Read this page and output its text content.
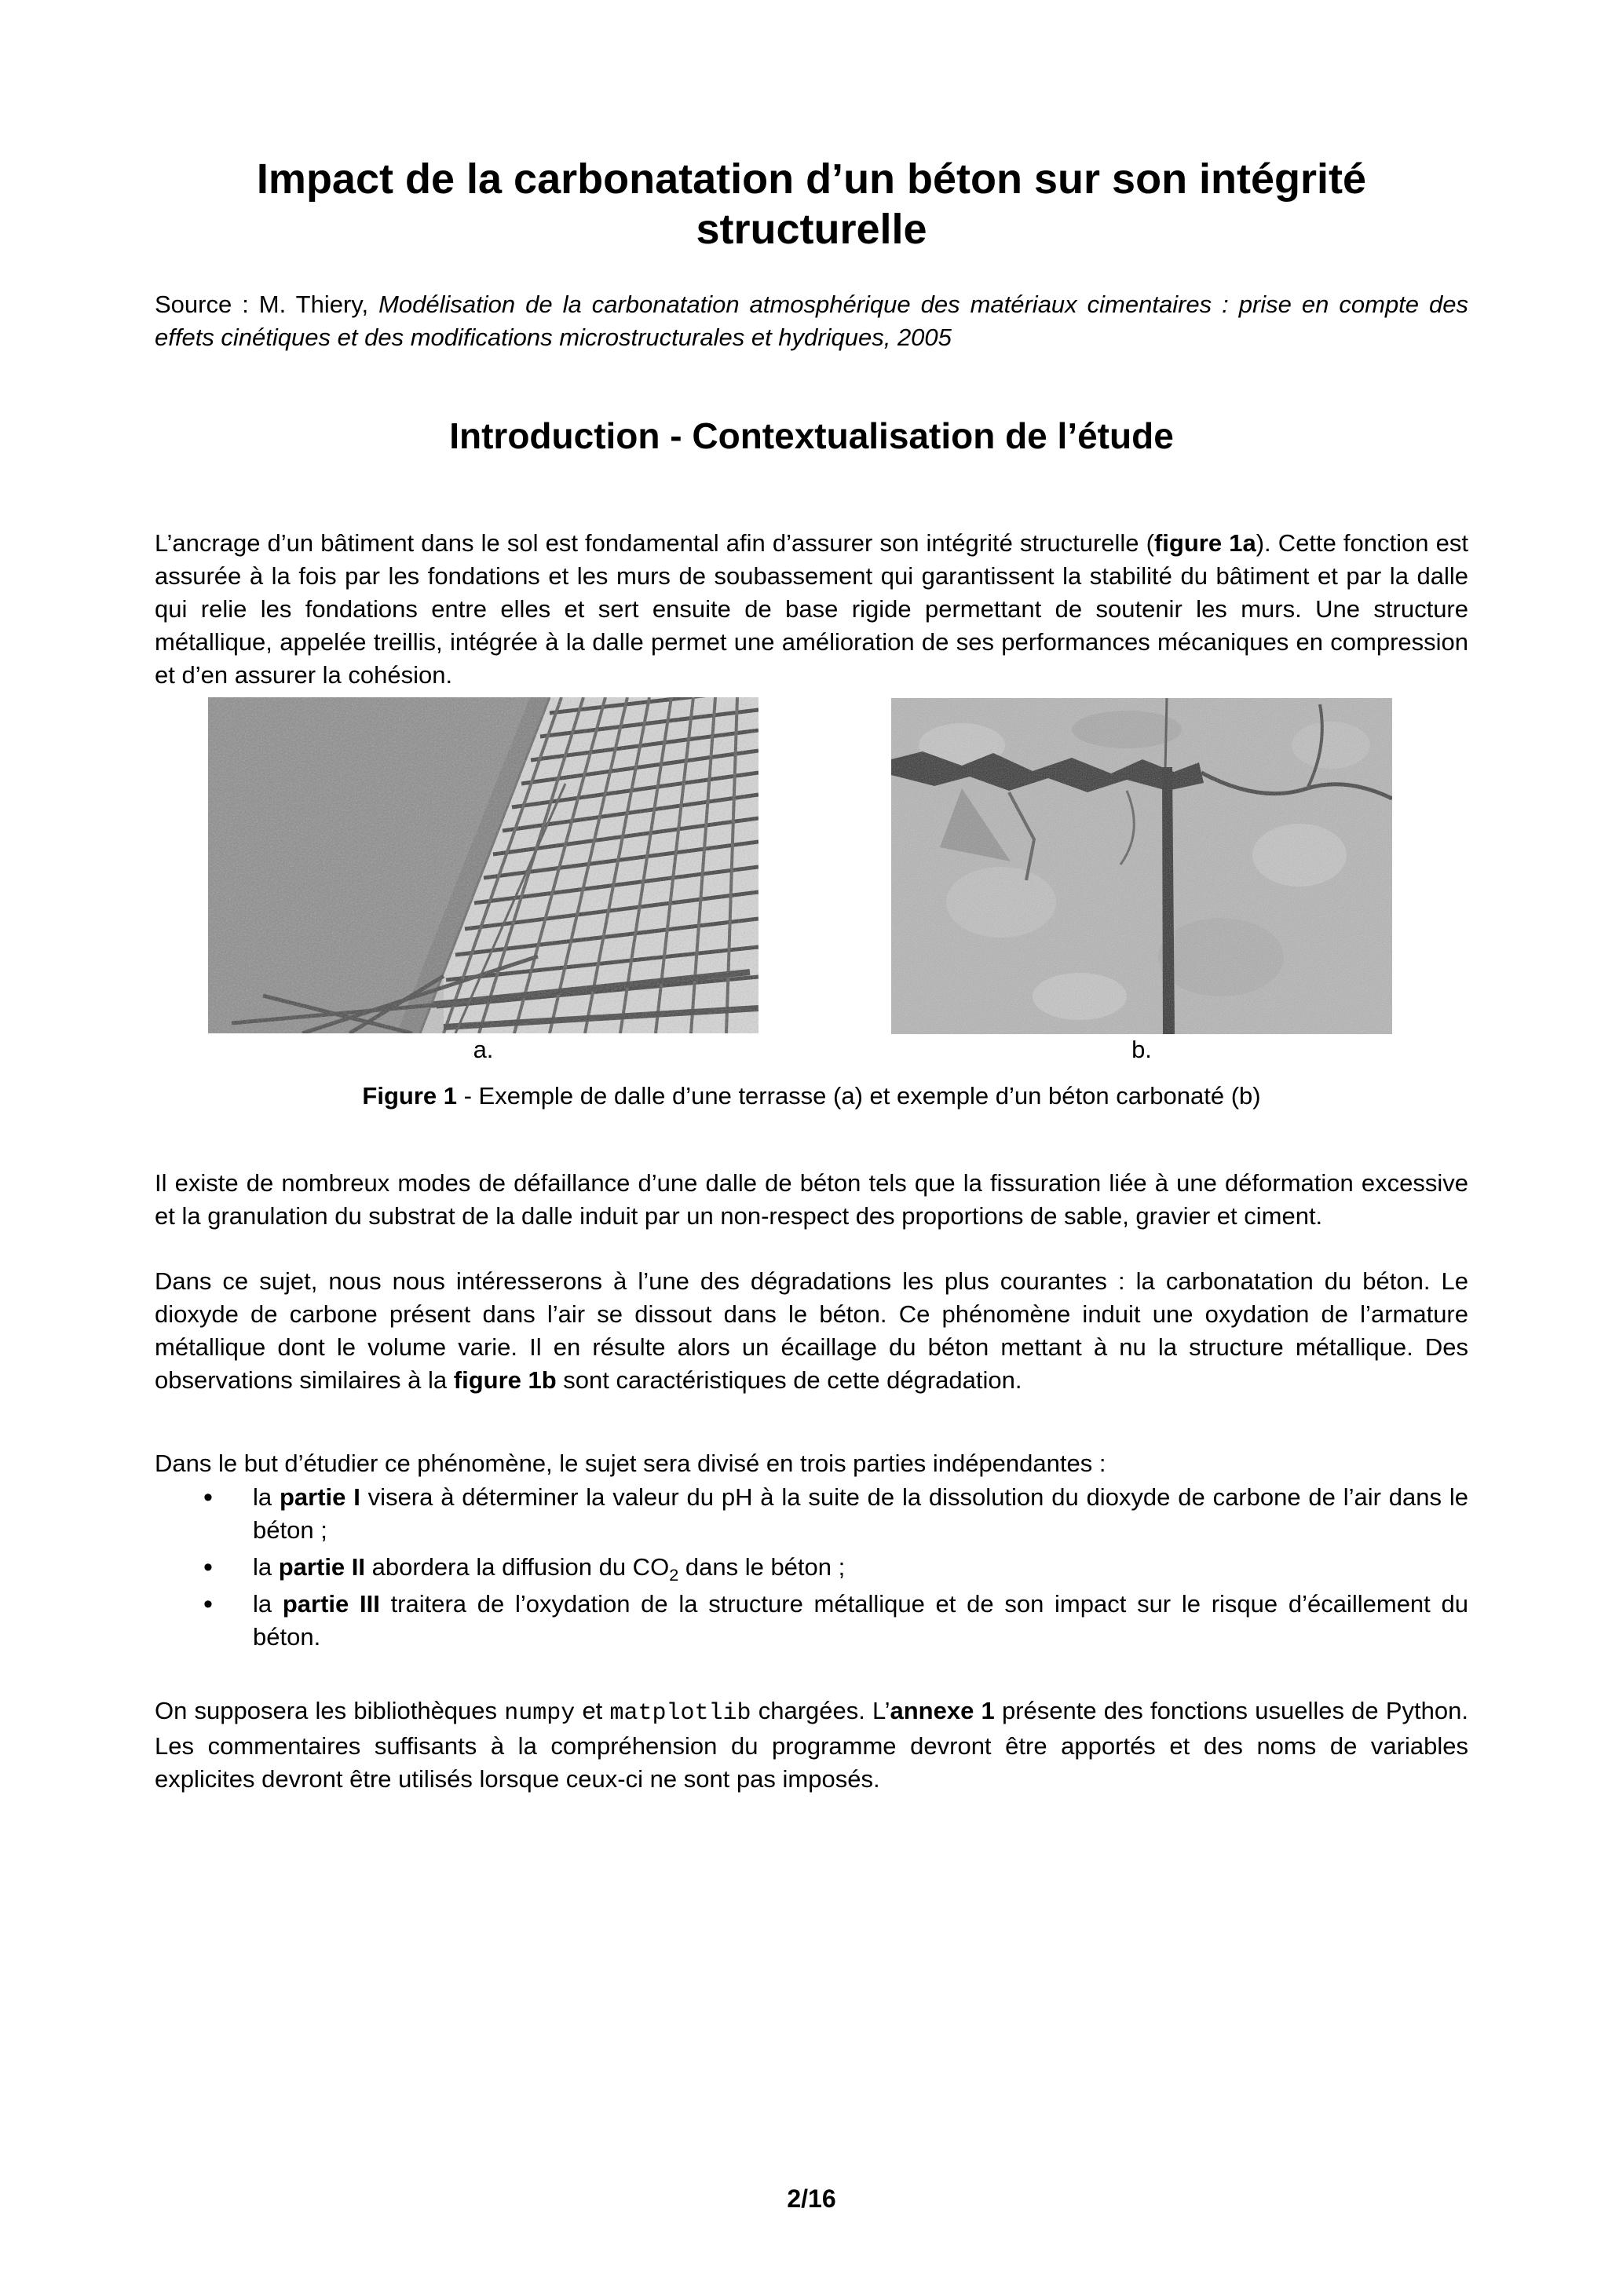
Impact de la carbonatation d’un béton sur son intégrité
structurelle

Source : M. Thiery, Modélisation de la carbonatation atmosphérique des matériaux cimentaires : prise en compte des effets cinétiques et des modifications microstructurales et hydriques, 2005

Introduction - Contextualisation de l’étude

L’ancrage d’un bâtiment dans le sol est fondamental afin d’assurer son intégrité structurelle (figure 1a). Cette fonction est assurée à la fois par les fondations et les murs de soubassement qui garantissent la stabilité du bâtiment et par la dalle qui relie les fondations entre elles et sert ensuite de base rigide permettant de soutenir les murs. Une structure métallique, appelée treillis, intégrée à la dalle permet une amélioration de ses performances mécaniques en compression et d’en assurer la cohésion.

a.	b.

Figure 1 - Exemple de dalle d’une terrasse (a) et exemple d’un béton carbonaté (b)

Il existe de nombreux modes de défaillance d’une dalle de béton tels que la fissuration liée à une déformation excessive et la granulation du substrat de la dalle induit par un non-respect des proportions de sable, gravier et ciment.

Dans ce sujet, nous nous intéresserons à l’une des dégradations les plus courantes : la carbonatation du béton. Le dioxyde de carbone présent dans l’air se dissout dans le béton. Ce phénomène induit une oxydation de l’armature métallique dont le volume varie. Il en résulte alors un écaillage du béton mettant à nu la structure métallique. Des observations similaires à la figure 1b sont caractéristiques de cette dégradation.

Dans le but d’étudier ce phénomène, le sujet sera divisé en trois parties indépendantes :

• la partie I visera à déterminer la valeur du pH à la suite de la dissolution du dioxyde de carbone de l’air dans le béton ;
• la partie II abordera la diffusion du $CO_2$ dans le béton ;
• la partie III traitera de l’oxydation de la structure métallique et de son impact sur le risque d’écaillement du béton.

On supposera les bibliothèques numpy et matplotlib chargées. L’annexe 1 présente des fonctions usuelles de Python. Les commentaires suffisants à la compréhension du programme devront être apportés et des noms de variables explicites devront être utilisés lorsque ceux-ci ne sont pas imposés.

2/16
